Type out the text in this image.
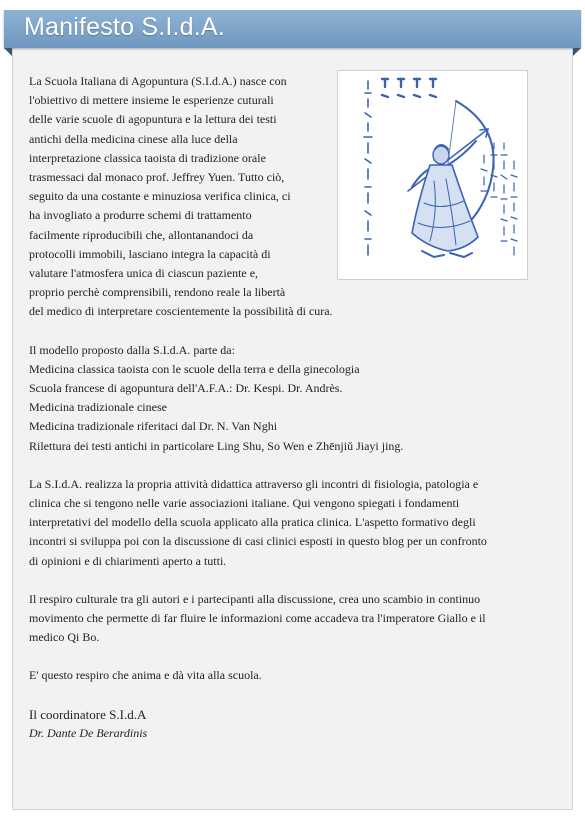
Manifesto S.I.d.A.

La Scuola Italiana di Agopuntura (S.I.d.A.) nasce con
l'obiettivo di mettere insieme le esperienze cuturali
delle varie scuole di agopuntura e la lettura dei testi
antichi della medicina cinese alla luce della
interpretazione classica taoista di tradizione orale
trasmessaci dal monaco prof. Jeffrey Yuen. Tutto ciò,
seguito da una costante e minuziosa verifica clinica, ci
ha invogliato a produrre schemi di trattamento
facilmente riproducibili che, allontanandoci da
protocolli immobili, lasciano integra la capacità di
valutare l'atmosfera unica di ciascun paziente e,
proprio perchè comprensibili, rendono reale la libertà
del medico di interpretare coscientemente la possibilità di cura.

Il modello proposto dalla S.I.d.A. parte da:
Medicina classica taoista con le scuole della terra e della ginecologia
Scuola francese di agopuntura dell'A.F.A.: Dr. Kespi. Dr. Andrès.
Medicina tradizionale cinese
Medicina tradizionale riferitaci dal Dr. N. Van Nghi
Rilettura dei testi antichi in particolare Ling Shu, So Wen e Zhēnjiǔ Jiayi jing.

La S.I.d.A. realizza la propria attività didattica attraverso gli incontri di fisiologia, patologia e
clinica che si tengono nelle varie associazioni italiane. Qui vengono spiegati i fondamenti
interpretativi del modello della scuola applicato alla pratica clinica. L'aspetto formativo degli
incontri si sviluppa poi con la discussione di casi clinici esposti in questo blog per un confronto
di opinioni e di chiarimenti aperto a tutti.

Il respiro culturale tra gli autori e i partecipanti alla discussione, crea uno scambio in continuo
movimento che permette di far fluire le informazioni come accadeva tra l'imperatore Giallo e il
medico Qi Bo.

E' questo respiro che anima e dà vita alla scuola.

Il coordinatore S.I.d.A
Dr. Dante De Berardinis
